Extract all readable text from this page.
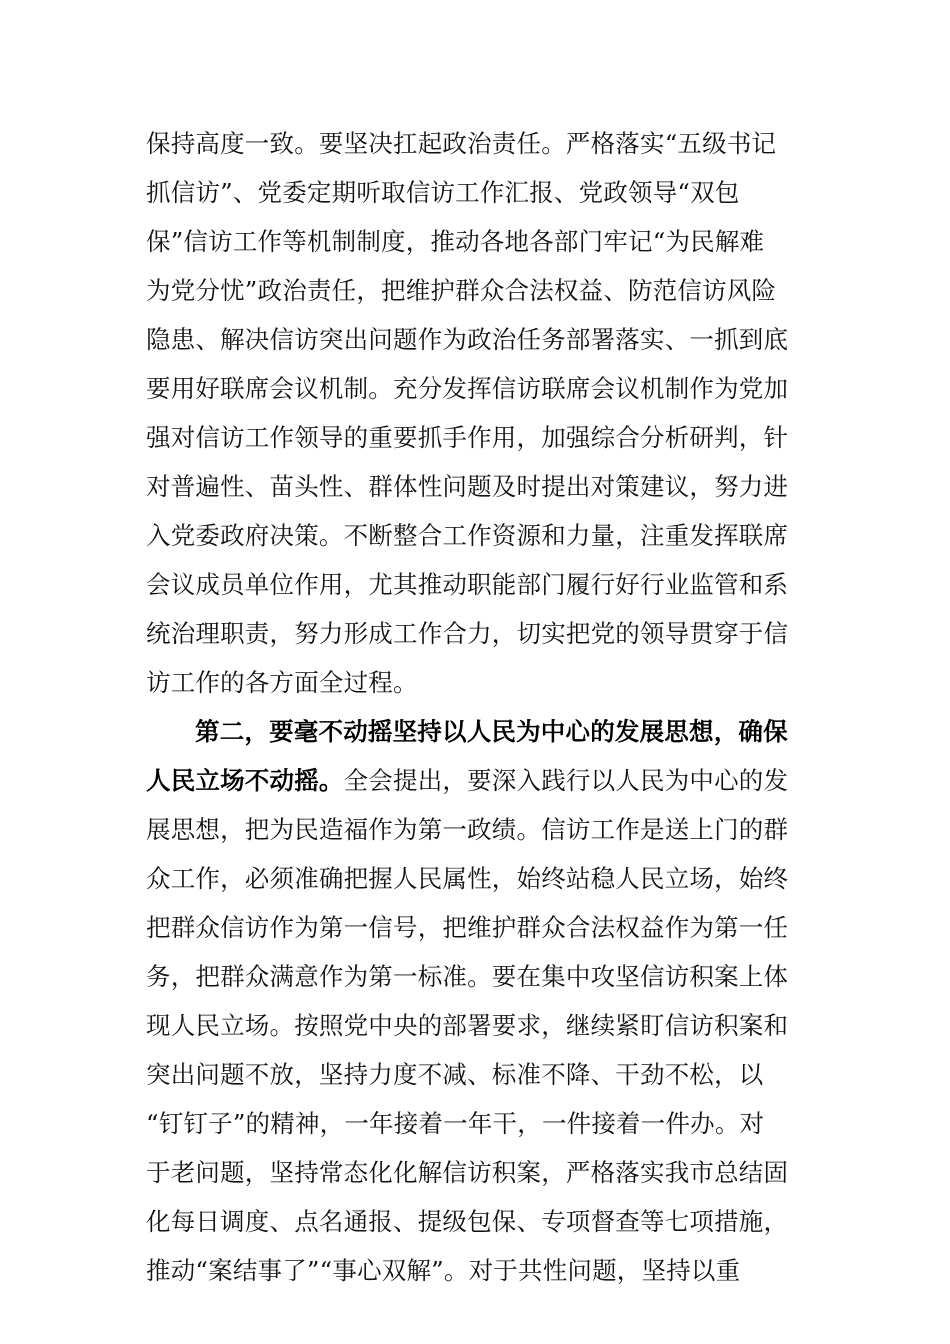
保持高度一致。要坚决扛起政治责任。严格落实“五级书记
抓信访”、党委定期听取信访工作汇报、党政领导“双包
保”信访工作等机制制度，推动各地各部门牢记“为民解难
为党分忧”政治责任，把维护群众合法权益、防范信访风险
隐患、解决信访突出问题作为政治任务部署落实、一抓到底
要用好联席会议机制。充分发挥信访联席会议机制作为党加
强对信访工作领导的重要抓手作用，加强综合分析研判，针
对普遍性、苗头性、群体性问题及时提出对策建议，努力进
入党委政府决策。不断整合工作资源和力量，注重发挥联席
会议成员单位作用，尤其推动职能部门履行好行业监管和系
统治理职责，努力形成工作合力，切实把党的领导贯穿于信
访工作的各方面全过程。
第二，要毫不动摇坚持以人民为中心的发展思想，确保
人民立场不动摇。全会提出，要深入践行以人民为中心的发
展思想，把为民造福作为第一政绩。信访工作是送上门的群
众工作，必须准确把握人民属性，始终站稳人民立场，始终
把群众信访作为第一信号，把维护群众合法权益作为第一任
务，把群众满意作为第一标准。要在集中攻坚信访积案上体
现人民立场。按照党中央的部署要求，继续紧盯信访积案和
突出问题不放，坚持力度不减、标准不降、干劲不松，以
“钉钉子”的精神，一年接着一年干，一件接着一件办。对
于老问题，坚持常态化化解信访积案，严格落实我市总结固
化每日调度、点名通报、提级包保、专项督查等七项措施，
推动“案结事了”“事心双解”。对于共性问题，坚持以重
